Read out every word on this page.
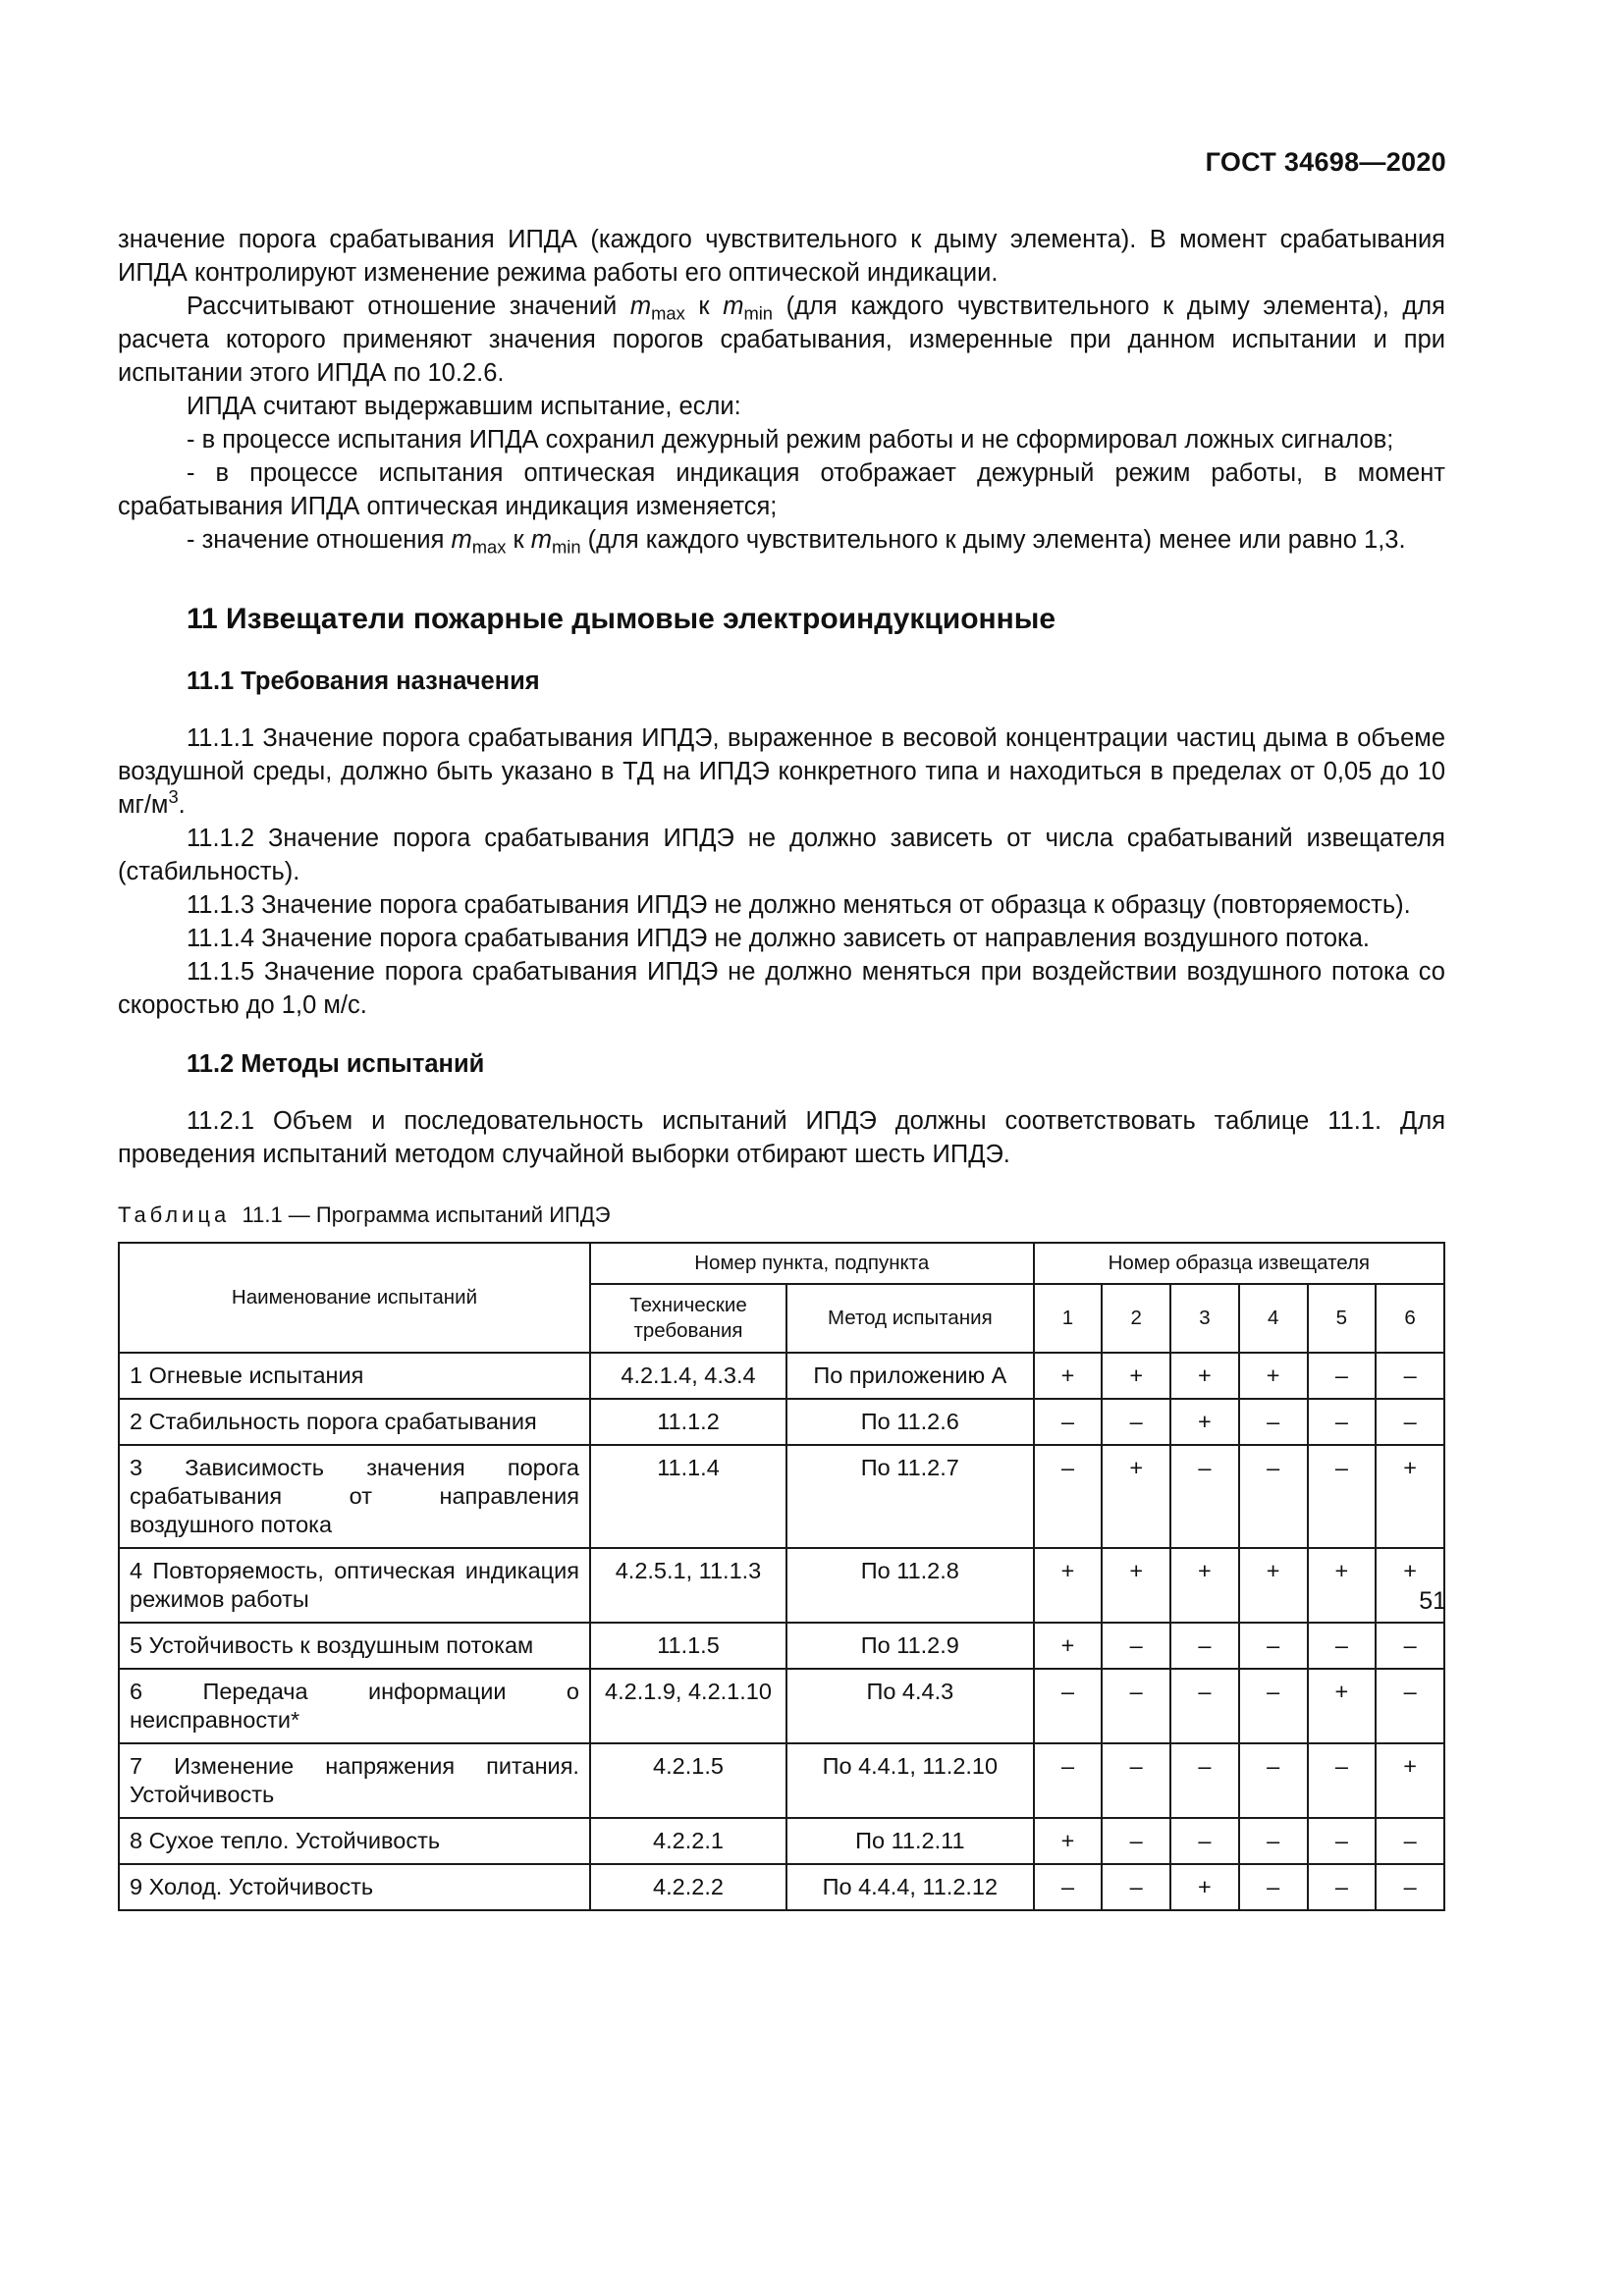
ГОСТ 34698—2020

значение порога срабатывания ИПДА (каждого чувствительного к дыму элемента). В момент срабатывания ИПДА контролируют изменение режима работы его оптической индикации.

Рассчитывают отношение значений $m_{max}$ к $m_{min}$ (для каждого чувствительного к дыму элемента), для расчета которого применяют значения порогов срабатывания, измеренные при данном испытании и при испытании этого ИПДА по 10.2.6.

ИПДА считают выдержавшим испытание, если:

- в процессе испытания ИПДА сохранил дежурный режим работы и не сформировал ложных сигналов;

- в процессе испытания оптическая индикация отображает дежурный режим работы, в момент срабатывания ИПДА оптическая индикация изменяется;

- значение отношения $m_{max}$ к $m_{min}$ (для каждого чувствительного к дыму элемента) менее или равно 1,3.

11 Извещатели пожарные дымовые электроиндукционные
11.1 Требования назначения

11.1.1 Значение порога срабатывания ИПДЭ, выраженное в весовой концентрации частиц дыма в объеме воздушной среды, должно быть указано в ТД на ИПДЭ конкретного типа и находиться в пределах от 0,05 до 10 $мг/м^3$.

11.1.2 Значение порога срабатывания ИПДЭ не должно зависеть от числа срабатываний извещателя (стабильность).

11.1.3 Значение порога срабатывания ИПДЭ не должно меняться от образца к образцу (повторяемость).

11.1.4 Значение порога срабатывания ИПДЭ не должно зависеть от направления воздушного потока.

11.1.5 Значение порога срабатывания ИПДЭ не должно меняться при воздействии воздушного потока со скоростью до 1,0 м/с.

11.2 Методы испытаний

11.2.1 Объем и последовательность испытаний ИПДЭ должны соответствовать таблице 11.1. Для проведения испытаний методом случайной выборки отбирают шесть ИПДЭ.

Таблица 11.1 — Программа испытаний ИПДЭ
Наименование испытаний	Номер пункта, подпункта		Номер образца извещателя					
	Технические требования	Метод испытания	1	2	3	4	5	6
1 Огневые испытания	4.2.1.4, 4.3.4	По приложению А	+	+	+	+	–	–
2 Стабильность порога срабатывания	11.1.2	По 11.2.6	–	–	+	–	–	–
3 Зависимость значения порога срабатывания от направления воздушного потока	11.1.4	По 11.2.7	–	+	–	–	–	+
4 Повторяемость, оптическая индикация режимов работы	4.2.5.1, 11.1.3	По 11.2.8	+	+	+	+	+	+
5 Устойчивость к воздушным потокам	11.1.5	По 11.2.9	+	–	–	–	–	–
6 Передача информации о неисправности*	4.2.1.9, 4.2.1.10	По 4.4.3	–	–	–	–	+	–
7 Изменение напряжения питания. Устойчивость	4.2.1.5	По 4.4.1, 11.2.10	–	–	–	–	–	+
8 Сухое тепло. Устойчивость	4.2.2.1	По 11.2.11	+	–	–	–	–	–
9 Холод. Устойчивость	4.2.2.2	По 4.4.4, 11.2.12	–	–	+	–	–	–
51
